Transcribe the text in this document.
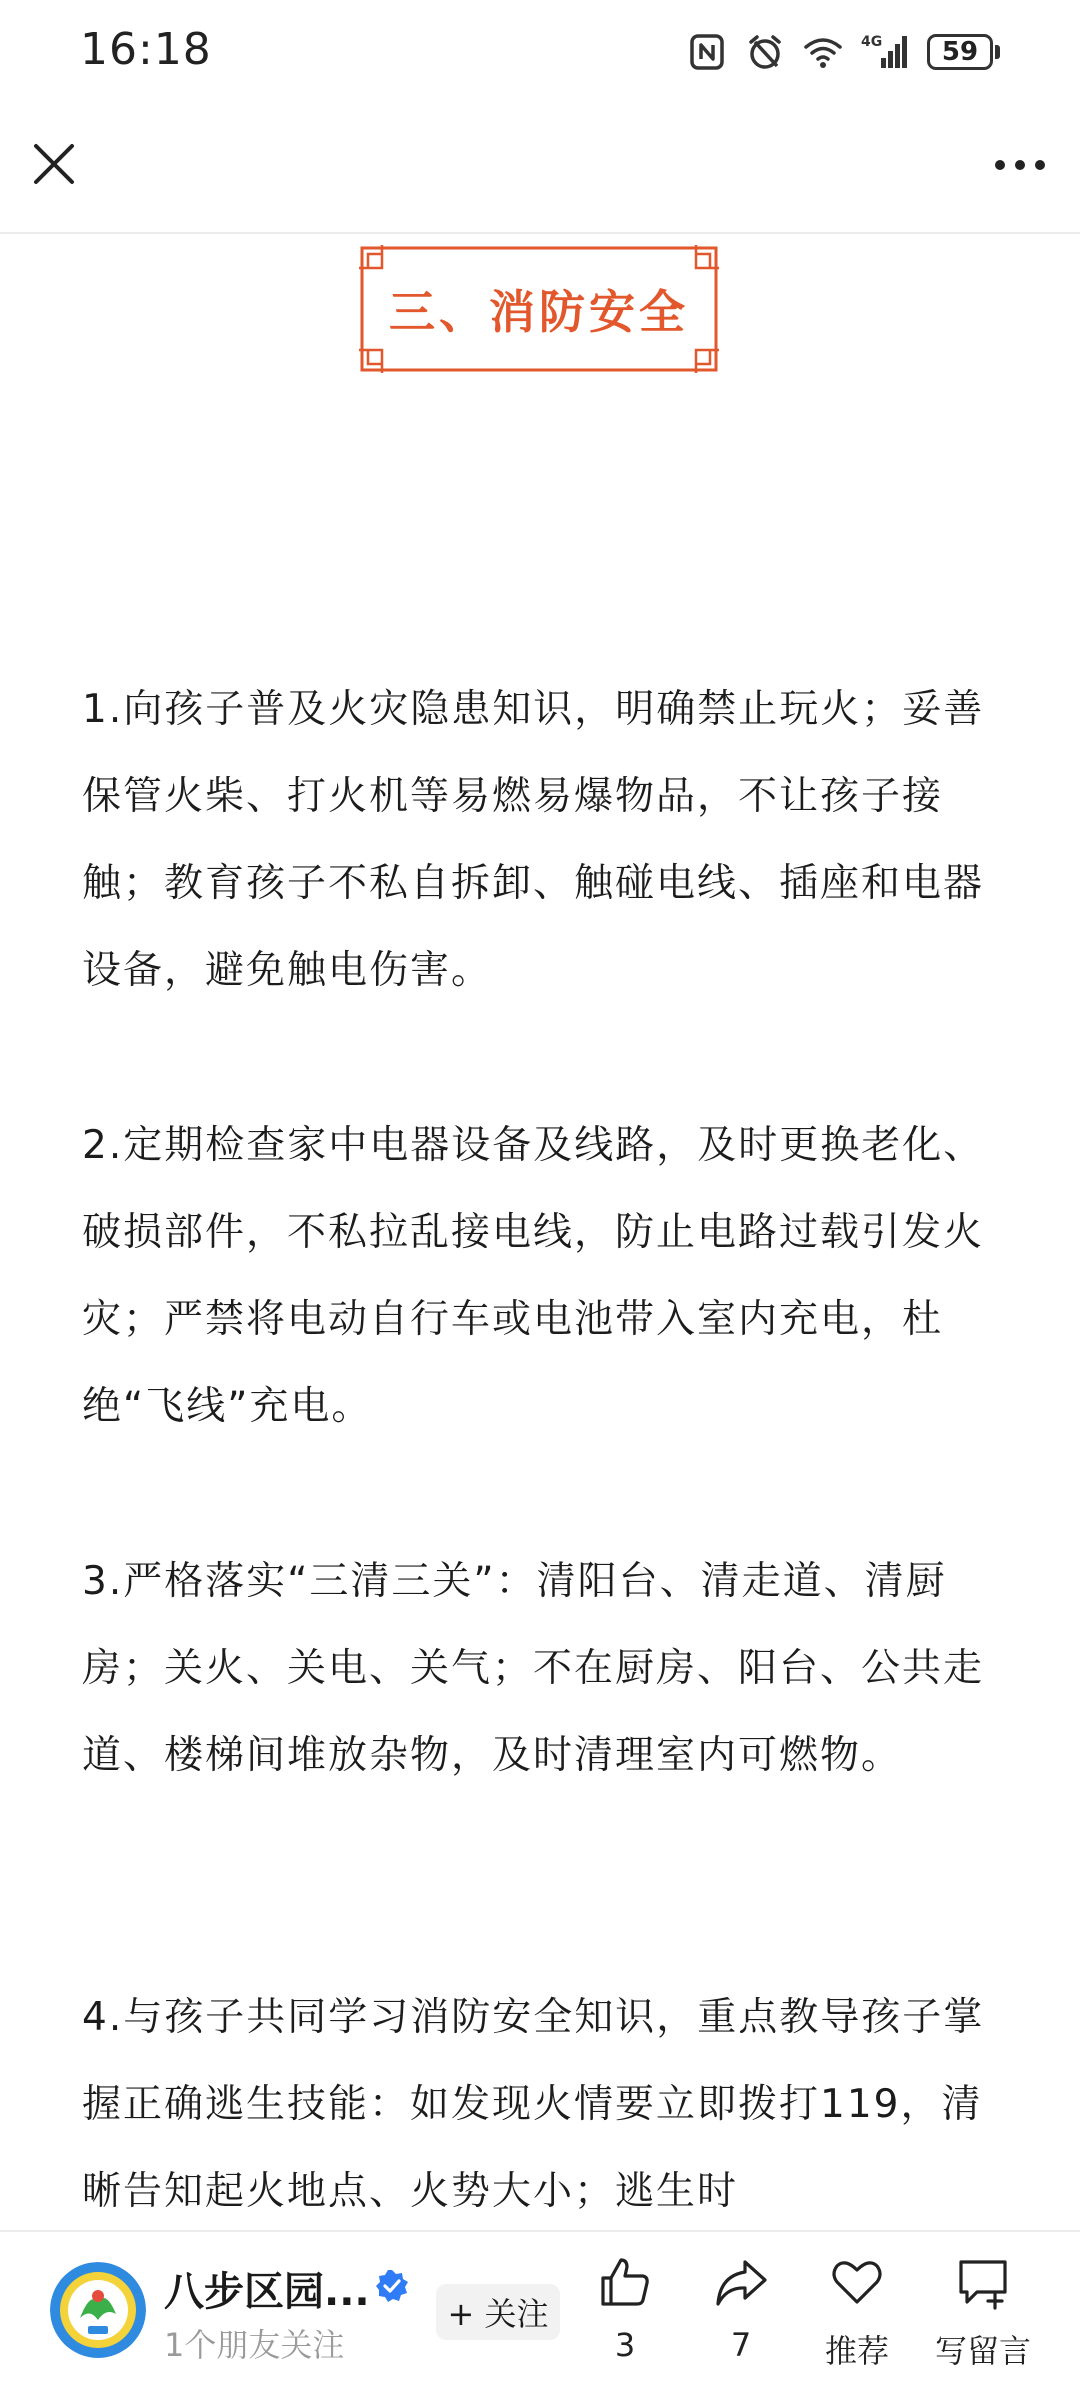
16:18	4G	59
三、消防安全

1.向孩子普及火灾隐患知识，明确禁止玩火；妥善保管火柴、打火机等易燃易爆物品，不让孩子接触；教育孩子不私自拆卸、触碰电线、插座和电器设备，避免触电伤害。

2.定期检查家中电器设备及线路，及时更换老化、破损部件，不私拉乱接电线，防止电路过载引发火灾；严禁将电动自行车或电池带入室内充电，杜绝“飞线”充电。

3.严格落实“三清三关”：清阳台、清走道、清厨房；关火、关电、关气；不在厨房、阳台、公共走道、楼梯间堆放杂物，及时清理室内可燃物。

4.与孩子共同学习消防安全知识，重点教导孩子掌握正确逃生技能：如发现火情要立即拨打119，清晰告知起火地点、火势大小；逃生时

八步区园...
1个朋友关注
+ 关注
3	7	推荐	写留言
